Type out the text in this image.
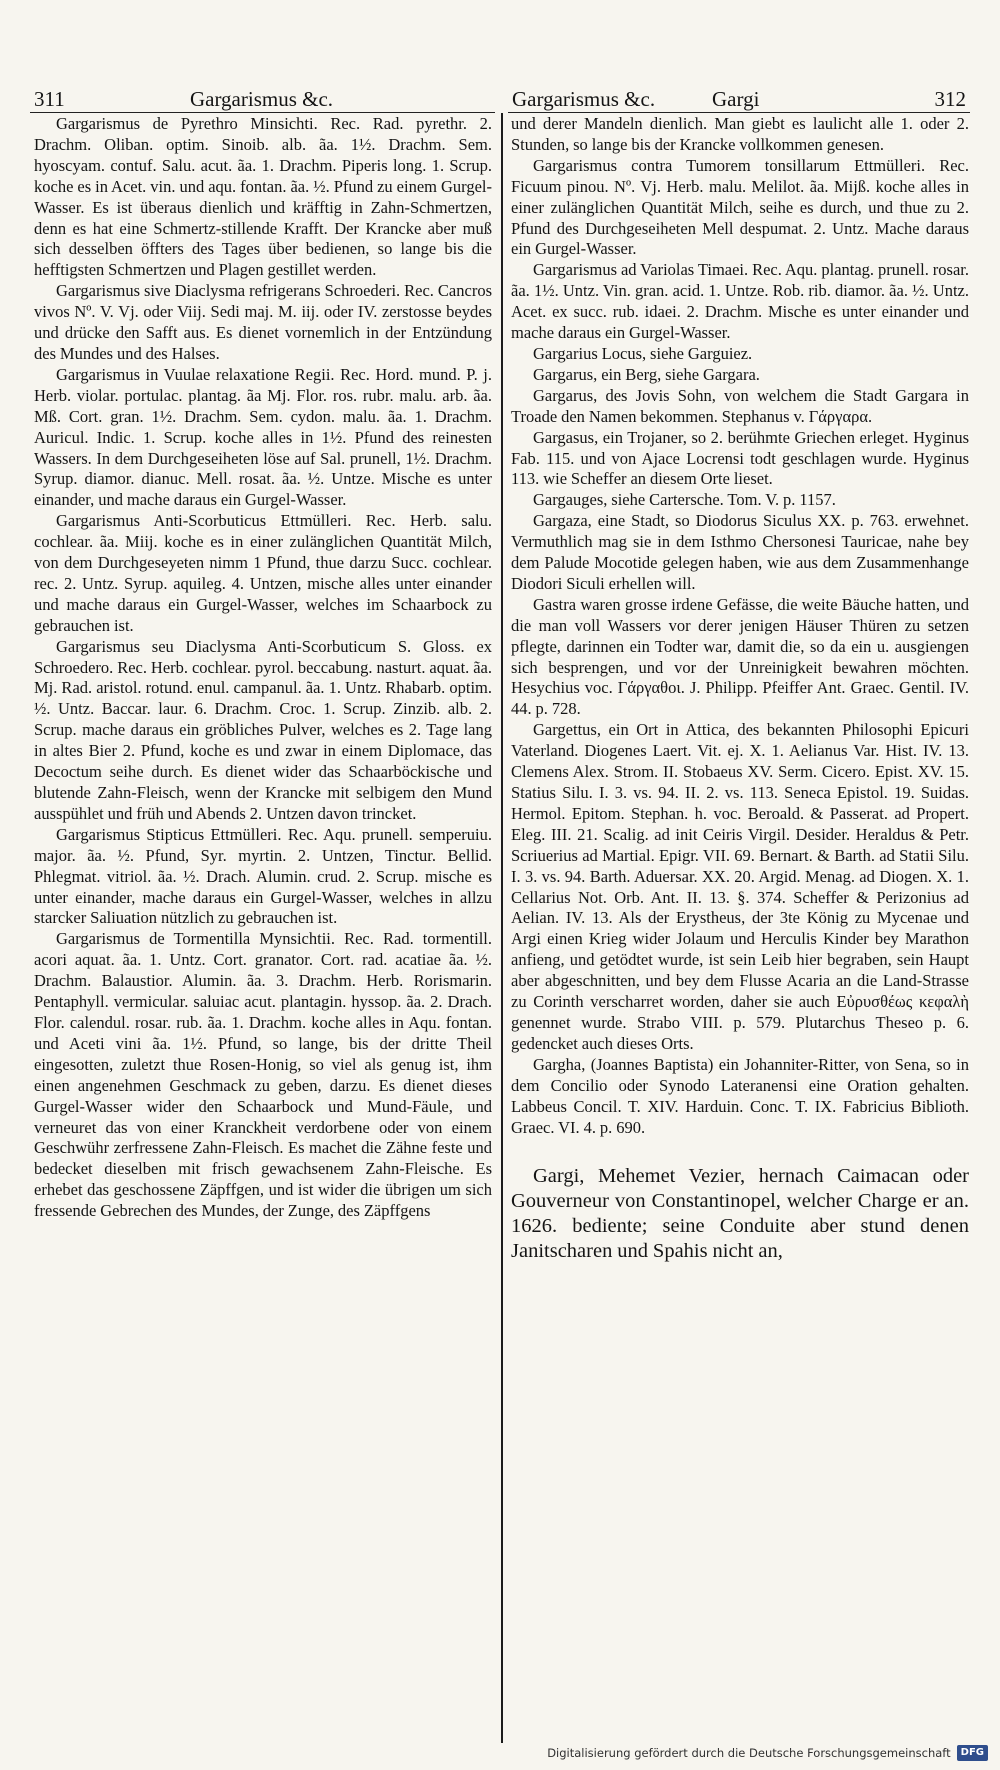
311	Gargarismus &c.	Gargarismus &c.	Gargi	312

Gargarismus de Pyrethro Minsichti. Rec. Rad. pyrethr. 2. Drachm. Oliban. optim. Sinoib. alb. ãa. 1½. Drachm. Sem. hyoscyam. contuf. Salu. acut. ãa. 1. Drachm. Piperis long. 1. Scrup. koche es in Acet. vin. und aqu. fontan. ãa. ½. Pfund zu einem Gurgel-Wasser. Es ist überaus dienlich und kräfftig in Zahn-Schmertzen, denn es hat eine Schmertz-stillende Krafft. Der Krancke aber muß sich desselben öffters des Tages über bedienen, so lange bis die hefftigsten Schmertzen und Plagen gestillet werden.

Gargarismus sive Diaclysma refrigerans Schroederi. Rec. Cancros vivos Nº. V. Vj. oder Viij. Sedi maj. M. iij. oder IV. zerstosse beydes und drücke den Safft aus. Es dienet vornemlich in der Entzündung des Mundes und des Halses.

Gargarismus in Vuulae relaxatione Regii. Rec. Hord. mund. P. j. Herb. violar. portulac. plantag. ãa Mj. Flor. ros. rubr. malu. arb. ãa. Mß. Cort. gran. 1½. Drachm. Sem. cydon. malu. ãa. 1. Drachm. Auricul. Indic. 1. Scrup. koche alles in 1½. Pfund des reinesten Wassers. In dem Durchgeseiheten löse auf Sal. prunell, 1½. Drachm. Syrup. diamor. dianuc. Mell. rosat. ãa. ½. Untze. Mische es unter einander, und mache daraus ein Gurgel-Wasser.

Gargarismus Anti-Scorbuticus Ettmülleri. Rec. Herb. salu. cochlear. ãa. Miij. koche es in einer zulänglichen Quantität Milch, von dem Durchgeseyeten nimm 1 Pfund, thue darzu Succ. cochlear. rec. 2. Untz. Syrup. aquileg. 4. Untzen, mische alles unter einander und mache daraus ein Gurgel-Wasser, welches im Schaarbock zu gebrauchen ist.

Gargarismus seu Diaclysma Anti-Scorbuticum S. Gloss. ex Schroedero. Rec. Herb. cochlear. pyrol. beccabung. nasturt. aquat. ãa. Mj. Rad. aristol. rotund. enul. campanul. ãa. 1. Untz. Rhabarb. optim. ½. Untz. Baccar. laur. 6. Drachm. Croc. 1. Scrup. Zinzib. alb. 2. Scrup. mache daraus ein gröbliches Pulver, welches es 2. Tage lang in altes Bier 2. Pfund, koche es und zwar in einem Diplomace, das Decoctum seihe durch. Es dienet wider das Schaarböckische und blutende Zahn-Fleisch, wenn der Krancke mit selbigem den Mund ausspühlet und früh und Abends 2. Untzen davon trincket.

Gargarismus Stipticus Ettmülleri. Rec. Aqu. prunell. semperuiu. major. ãa. ½. Pfund, Syr. myrtin. 2. Untzen, Tinctur. Bellid. Phlegmat. vitriol. ãa. ½. Drach. Alumin. crud. 2. Scrup. mische es unter einander, mache daraus ein Gurgel-Wasser, welches in allzu starcker Saliuation nützlich zu gebrauchen ist.

Gargarismus de Tormentilla Mynsichtii. Rec. Rad. tormentill. acori aquat. ãa. 1. Untz. Cort. granator. Cort. rad. acatiae ãa. ½. Drachm. Balaustior. Alumin. ãa. 3. Drachm. Herb. Rorismarin. Pentaphyll. vermicular. saluiac acut. plantagin. hyssop. ãa. 2. Drach. Flor. calendul. rosar. rub. ãa. 1. Drachm. koche alles in Aqu. fontan. und Aceti vini ãa. 1½. Pfund, so lange, bis der dritte Theil eingesotten, zuletzt thue Rosen-Honig, so viel als genug ist, ihm einen angenehmen Geschmack zu geben, darzu. Es dienet dieses Gurgel-Wasser wider den Schaarbock und Mund-Fäule, und verneuret das von einer Kranckheit verdorbene oder von einem Geschwühr zerfressene Zahn-Fleisch. Es machet die Zähne feste und bedecket dieselben mit frisch gewachsenem Zahn-Fleische. Es erhebet das geschossene Zäpffgen, und ist wider die übrigen um sich fressende Gebrechen des Mundes, der Zunge, des Zäpffgens

und derer Mandeln dienlich. Man giebt es laulicht alle 1. oder 2. Stunden, so lange bis der Krancke vollkommen genesen.

Gargarismus contra Tumorem tonsillarum Ettmülleri. Rec. Ficuum pinou. Nº. Vj. Herb. malu. Melilot. ãa. Mijß. koche alles in einer zulänglichen Quantität Milch, seihe es durch, und thue zu 2. Pfund des Durchgeseiheten Mell despumat. 2. Untz. Mache daraus ein Gurgel-Wasser.

Gargarismus ad Variolas Timaei. Rec. Aqu. plantag. prunell. rosar. ãa. 1½. Untz. Vin. gran. acid. 1. Untze. Rob. rib. diamor. ãa. ½. Untz. Acet. ex succ. rub. idaei. 2. Drachm. Mische es unter einander und mache daraus ein Gurgel-Wasser.

Gargarius Locus, siehe Garguiez.

Gargarus, ein Berg, siehe Gargara.

Gargarus, des Jovis Sohn, von welchem die Stadt Gargara in Troade den Namen bekommen. Stephanus v. Γάργαρα.

Gargasus, ein Trojaner, so 2. berühmte Griechen erleget. Hyginus Fab. 115. und von Ajace Locrensi todt geschlagen wurde. Hyginus 113. wie Scheffer an diesem Orte lieset.

Gargauges, siehe Cartersche. Tom. V. p. 1157.

Gargaza, eine Stadt, so Diodorus Siculus XX. p. 763. erwehnet. Vermuthlich mag sie in dem Isthmo Chersonesi Tauricae, nahe bey dem Palude Mocotide gelegen haben, wie aus dem Zusammenhange Diodori Siculi erhellen will.

Gastra waren grosse irdene Gefässe, die weite Bäuche hatten, und die man voll Wassers vor derer jenigen Häuser Thüren zu setzen pflegte, darinnen ein Todter war, damit die, so da ein u. ausgiengen sich besprengen, und vor der Unreinigkeit bewahren möchten. Hesychius voc. Γάργαθοι. J. Philipp. Pfeiffer Ant. Graec. Gentil. IV. 44. p. 728.

Gargettus, ein Ort in Attica, des bekannten Philosophi Epicuri Vaterland. Diogenes Laert. Vit. ej. X. 1. Aelianus Var. Hist. IV. 13. Clemens Alex. Strom. II. Stobaeus XV. Serm. Cicero. Epist. XV. 15. Statius Silu. I. 3. vs. 94. II. 2. vs. 113. Seneca Epistol. 19. Suidas. Hermol. Epitom. Stephan. h. voc. Beroald. & Passerat. ad Propert. Eleg. III. 21. Scalig. ad init Ceiris Virgil. Desider. Heraldus & Petr. Scriuerius ad Martial. Epigr. VII. 69. Bernart. & Barth. ad Statii Silu. I. 3. vs. 94. Barth. Aduersar. XX. 20. Argid. Menag. ad Diogen. X. 1. Cellarius Not. Orb. Ant. II. 13. §. 374. Scheffer & Perizonius ad Aelian. IV. 13. Als der Erystheus, der 3te König zu Mycenae und Argi einen Krieg wider Jolaum und Herculis Kinder bey Marathon anfieng, und getödtet wurde, ist sein Leib hier begraben, sein Haupt aber abgeschnitten, und bey dem Flusse Acaria an die Land-Strasse zu Corinth verscharret worden, daher sie auch Εὐρυσθέως κεφαλὴ genennet wurde. Strabo VIII. p. 579. Plutarchus Theseo p. 6. gedencket auch dieses Orts.

Gargha, (Joannes Baptista) ein Johanniter-Ritter, von Sena, so in dem Concilio oder Synodo Lateranensi eine Oration gehalten. Labbeus Concil. T. XIV. Harduin. Conc. T. IX. Fabricius Biblioth. Graec. VI. 4. p. 690.

Gargi, Mehemet Vezier, hernach Caimacan oder Gouverneur von Constantinopel, welcher Charge er an. 1626. bediente; seine Conduite aber stund denen Janitscharen und Spahis nicht an,

Digitalisierung gefördert durch die Deutsche Forschungsgemeinschaft	DFG
